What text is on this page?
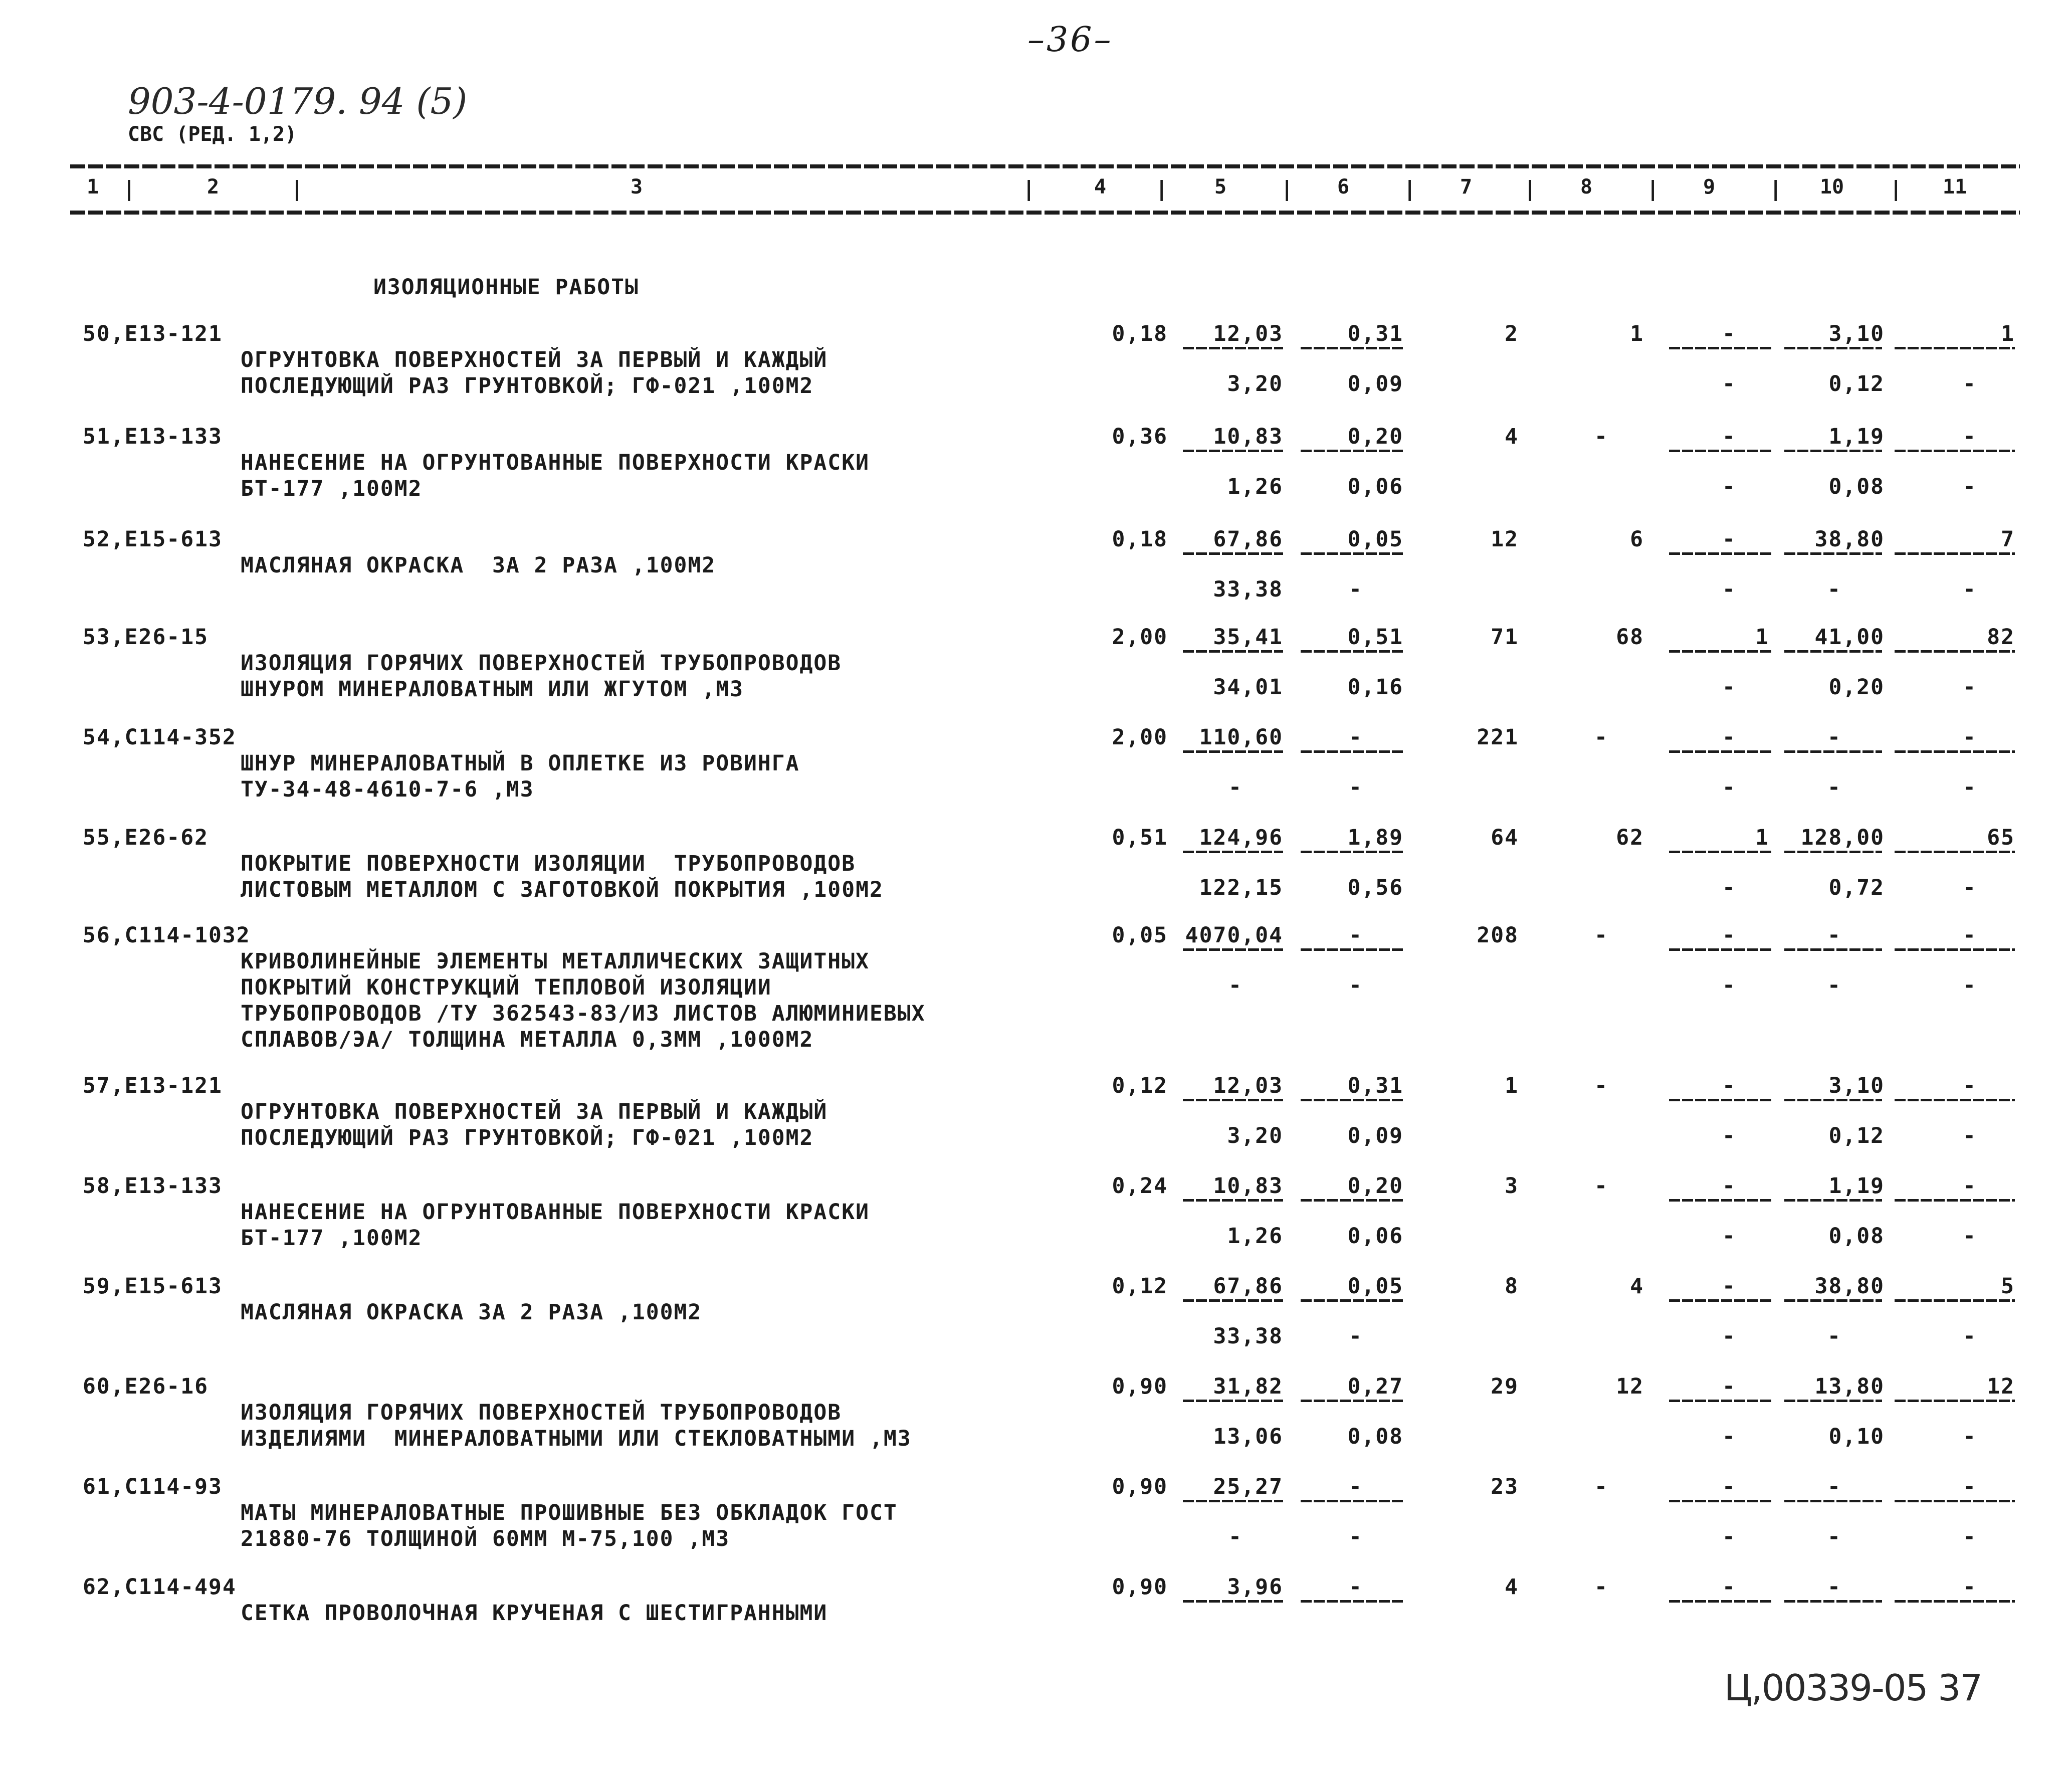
–36–
903-4-0179. 94 (5)
СВС (РЕД. 1,2)
1	2	3	4	5	6	7	8	9	10	11
|	|	|	|	|	|	|	|	|	|
ИЗОЛЯЦИОННЫЕ РАБОТЫ
50,Е13-121
ОГРУНТОВКА ПОВЕРХНОСТЕЙ ЗА ПЕРВЫЙ И КАЖДЫЙ
ПОСЛЕДУЮЩИЙ РАЗ ГРУНТОВКОЙ; ГФ-021 ,100М2
0,18	12,03	0,31	2	1	-	3,10	1
3,20	0,09	-	0,12	-
51,Е13-133
НАНЕСЕНИЕ НА ОГРУНТОВАННЫЕ ПОВЕРХНОСТИ КРАСКИ
БТ-177 ,100М2
0,36	10,83	0,20	4	-	-	1,19	-
1,26	0,06	-	0,08	-
52,Е15-613
МАСЛЯНАЯ ОКРАСКА  ЗА 2 РАЗА ,100М2
0,18	67,86	0,05	12	6	-	38,80	7
33,38	-	-	-	-
53,Е26-15
ИЗОЛЯЦИЯ ГОРЯЧИХ ПОВЕРХНОСТЕЙ ТРУБОПРОВОДОВ
ШНУРОМ МИНЕРАЛОВАТНЫМ ИЛИ ЖГУТОМ ,М3
2,00	35,41	0,51	71	68	1	41,00	82
34,01	0,16	-	0,20	-
54,С114-352
ШНУР МИНЕРАЛОВАТНЫЙ В ОПЛЕТКЕ ИЗ РОВИНГА
ТУ-34-48-4610-7-6 ,М3
2,00	110,60	-	221	-	-	-	-
-	-	-	-	-
55,Е26-62
ПОКРЫТИЕ ПОВЕРХНОСТИ ИЗОЛЯЦИИ  ТРУБОПРОВОДОВ
ЛИСТОВЫМ МЕТАЛЛОМ С ЗАГОТОВКОЙ ПОКРЫТИЯ ,100М2
0,51	124,96	1,89	64	62	1	128,00	65
122,15	0,56	-	0,72	-
56,С114-1032
КРИВОЛИНЕЙНЫЕ ЭЛЕМЕНТЫ МЕТАЛЛИЧЕСКИХ ЗАЩИТНЫХ
ПОКРЫТИЙ КОНСТРУКЦИЙ ТЕПЛОВОЙ ИЗОЛЯЦИИ
ТРУБОПРОВОДОВ /ТУ 362543-83/ИЗ ЛИСТОВ АЛЮМИНИЕВЫХ
СПЛАВОВ/ЭА/ ТОЛЩИНА МЕТАЛЛА 0,3ММ ,1000М2
0,05 4070,04	-	208	-	-	-	-
-	-	-	-	-
57,Е13-121
ОГРУНТОВКА ПОВЕРХНОСТЕЙ ЗА ПЕРВЫЙ И КАЖДЫЙ
ПОСЛЕДУЮЩИЙ РАЗ ГРУНТОВКОЙ; ГФ-021 ,100М2
0,12	12,03	0,31	1	-	-	3,10	-
3,20	0,09	-	0,12	-
58,Е13-133
НАНЕСЕНИЕ НА ОГРУНТОВАННЫЕ ПОВЕРХНОСТИ КРАСКИ
БТ-177 ,100М2
0,24	10,83	0,20	3	-	-	1,19	-
1,26	0,06	-	0,08	-
59,Е15-613
МАСЛЯНАЯ ОКРАСКА ЗА 2 РАЗА ,100М2
0,12	67,86	0,05	8	4	-	38,80	5
33,38	-	-	-	-
60,Е26-16
ИЗОЛЯЦИЯ ГОРЯЧИХ ПОВЕРХНОСТЕЙ ТРУБОПРОВОДОВ
ИЗДЕЛИЯМИ  МИНЕРАЛОВАТНЫМИ ИЛИ СТЕКЛОВАТНЫМИ ,М3
0,90	31,82	0,27	29	12	-	13,80	12
13,06	0,08	-	0,10	-
61,С114-93
МАТЫ МИНЕРАЛОВАТНЫЕ ПРОШИВНЫЕ БЕЗ ОБКЛАДОК ГОСТ
21880-76 ТОЛЩИНОЙ 60ММ М-75,100 ,М3
0,90	25,27	-	23	-	-	-	-
-	-	-	-	-
62,С114-494
СЕТКА ПРОВОЛОЧНАЯ КРУЧЕНАЯ С ШЕСТИГРАННЫМИ
0,90	3,96	-	4	-	-	-	-
Ц,00339-05 37
